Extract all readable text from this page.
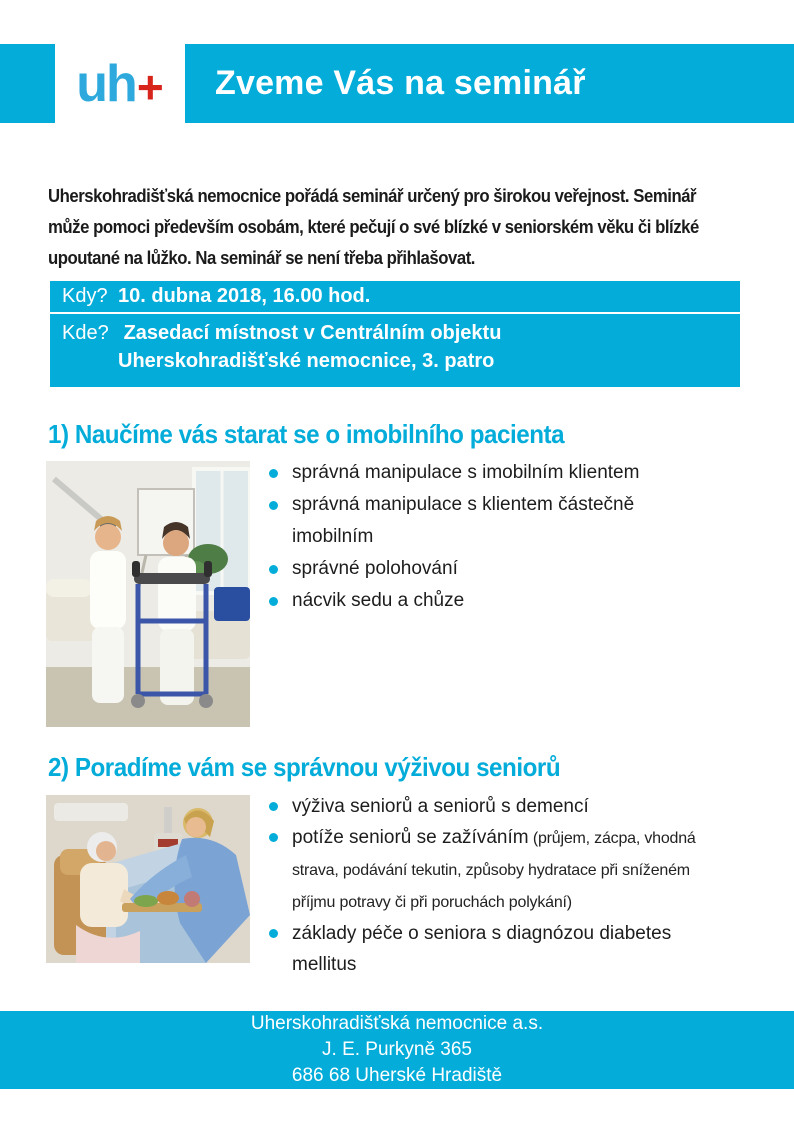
uh + Zveme Vás na seminář
Uherskohradišťská nemocnice pořádá seminář určený pro širokou veřejnost. Seminář
může pomoci především osobám, které pečují o své blízké v seniorském věku či blízké
upoutané na lůžko. Na seminář se není třeba přihlašovat.
Kdy? 10. dubna 2018, 16.00 hod.
Kde? Zasedací místnost v Centrálním objektu
Uherskohradišťské nemocnice, 3. patro
1) Naučíme vás starat se o imobilního pacienta
správná manipulace s imobilním klientem
správná manipulace s klientem částečně imobilním
správné polohování
nácvik sedu a chůze
2) Poradíme vám se správnou výživou seniorů
výživa seniorů a seniorů s demencí
potíže seniorů se zažíváním (průjem, zácpa, vhodná strava, podávání tekutin, způsoby hydratace při sníženém příjmu potravy či při poruchách polykání)
základy péče o seniora s diagnózou diabetes mellitus
Uherskohradišťská nemocnice a.s.
J. E. Purkyně 365
686 68 Uherské Hradiště
